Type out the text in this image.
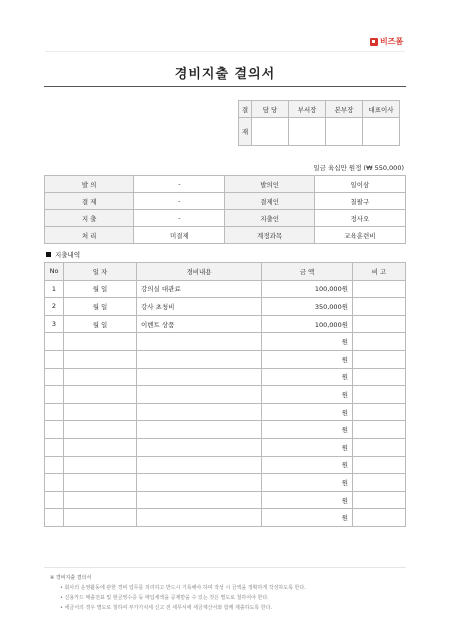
비즈폼
경비지출 결의서
결	담 당	부서장	본부장	대표이사
재				
일금 육십만 원정 (₩ 550,000)
발 의	-	발의인	일이삼
결 제	-	결제인	칠팔구
지 출	-	지출인	정사오
처 리	미결제	계정과목	교육훈련비
지출내역
No	일 자	경비내용	금 액	비 고
1	월 일	강의실 대관료	100,000원	
2	월 일	강사 초청비	350,000원	
3	월 일	이벤트 상품	100,000원	
			원	
			원	
			원	
			원	
			원	
			원	
			원	
			원	
			원	
			원	
			원	
※ 경비지출 결의서
• 회사의 운영활동에 관한 경비 업무를 처리하고 반드시 기록해야 하며 작성 시 금액을 정확하게 작성하도록 한다.
• 신용카드 매출전표 및 현금영수증 등 매입세액을 공제받을 수 있는 것은 별도로 철하여야 한다.
• 세금서의 경우 별도로 철하여 부가가치세 신고 전 세무서에 세금계산서와 함께 제출하도록 한다.
